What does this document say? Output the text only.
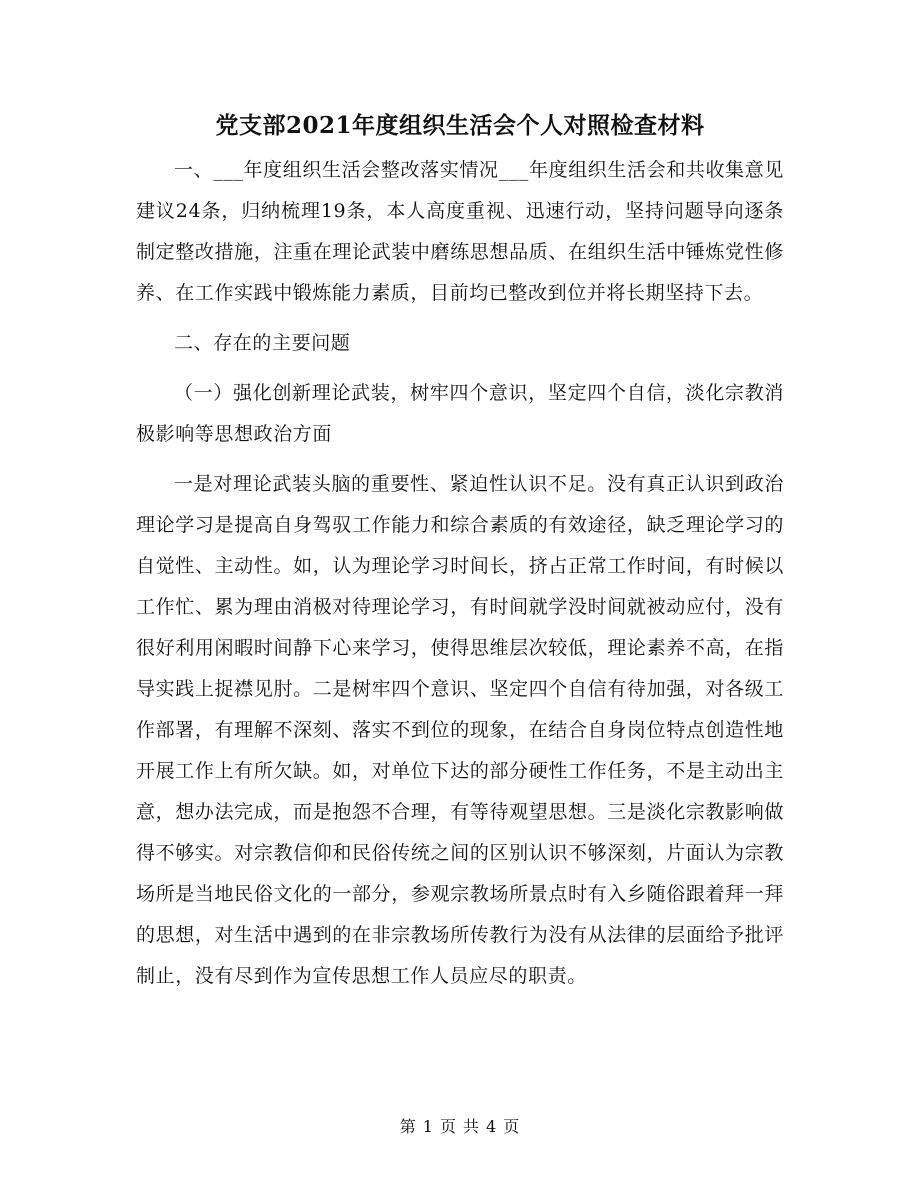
党支部2021年度组织生活会个人对照检查材料

一、___年度组织生活会整改落实情况___年度组织生活会和共收集意见建议24条，归纳梳理19条，本人高度重视、迅速行动，坚持问题导向逐条制定整改措施，注重在理论武装中磨练思想品质、在组织生活中锤炼党性修养、在工作实践中锻炼能力素质，目前均已整改到位并将长期坚持下去。

二、存在的主要问题

（一）强化创新理论武装，树牢四个意识，坚定四个自信，淡化宗教消极影响等思想政治方面

一是对理论武装头脑的重要性、紧迫性认识不足。没有真正认识到政治理论学习是提高自身驾驭工作能力和综合素质的有效途径，缺乏理论学习的自觉性、主动性。如，认为理论学习时间长，挤占正常工作时间，有时候以工作忙、累为理由消极对待理论学习，有时间就学没时间就被动应付，没有很好利用闲暇时间静下心来学习，使得思维层次较低，理论素养不高，在指导实践上捉襟见肘。二是树牢四个意识、坚定四个自信有待加强，对各级工作部署，有理解不深刻、落实不到位的现象，在结合自身岗位特点创造性地开展工作上有所欠缺。如，对单位下达的部分硬性工作任务，不是主动出主意，想办法完成，而是抱怨不合理，有等待观望思想。三是淡化宗教影响做得不够实。对宗教信仰和民俗传统之间的区别认识不够深刻，片面认为宗教场所是当地民俗文化的一部分，参观宗教场所景点时有入乡随俗跟着拜一拜的思想，对生活中遇到的在非宗教场所传教行为没有从法律的层面给予批评制止，没有尽到作为宣传思想工作人员应尽的职责。

第 1 页 共 4 页
